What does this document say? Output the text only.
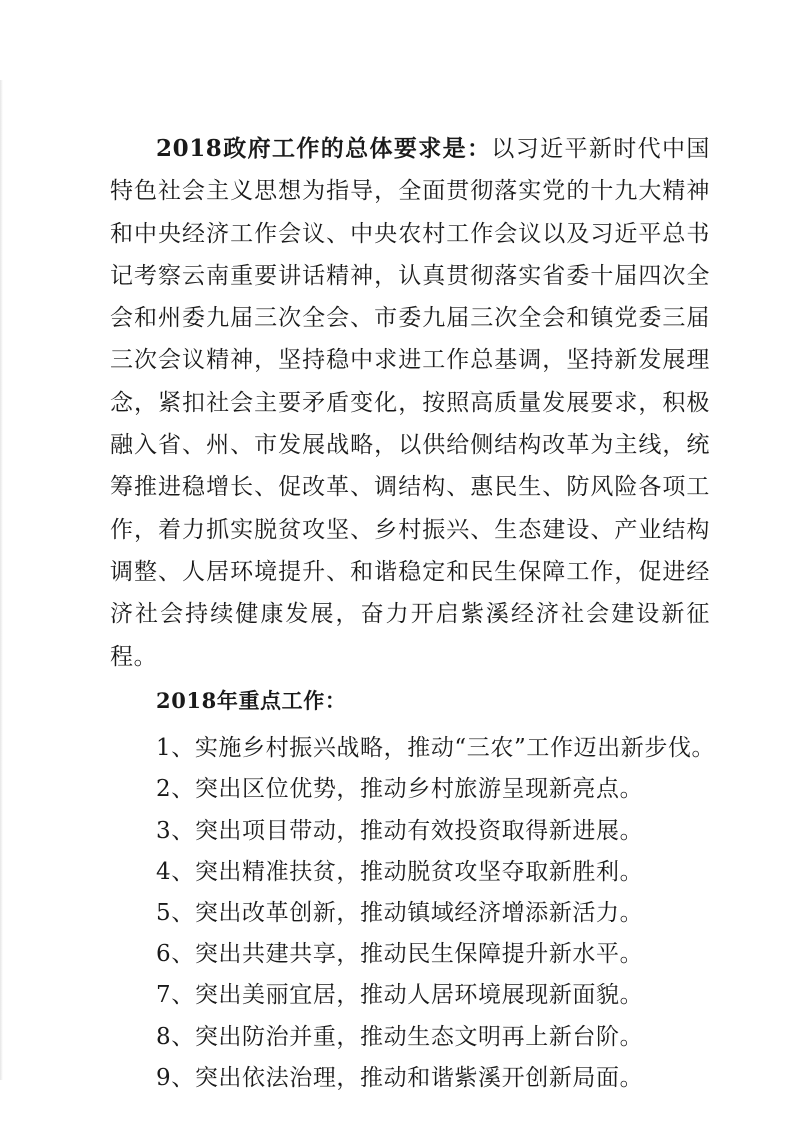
2018政府工作的总体要求是：以习近平新时代中国特色社会主义思想为指导，全面贯彻落实党的十九大精神和中央经济工作会议、中央农村工作会议以及习近平总书记考察云南重要讲话精神，认真贯彻落实省委十届四次全会和州委九届三次全会、市委九届三次全会和镇党委三届三次会议精神，坚持稳中求进工作总基调，坚持新发展理念，紧扣社会主要矛盾变化，按照高质量发展要求，积极融入省、州、市发展战略，以供给侧结构改革为主线，统筹推进稳增长、促改革、调结构、惠民生、防风险各项工作，着力抓实脱贫攻坚、乡村振兴、生态建设、产业结构调整、人居环境提升、和谐稳定和民生保障工作，促进经济社会持续健康发展，奋力开启紫溪经济社会建设新征程。

2018年重点工作：

1、实施乡村振兴战略，推动“三农”工作迈出新步伐。
2、突出区位优势，推动乡村旅游呈现新亮点。
3、突出项目带动，推动有效投资取得新进展。
4、突出精准扶贫，推动脱贫攻坚夺取新胜利。
5、突出改革创新，推动镇域经济增添新活力。
6、突出共建共享，推动民生保障提升新水平。
7、突出美丽宜居，推动人居环境展现新面貌。
8、突出防治并重，推动生态文明再上新台阶。
9、突出依法治理，推动和谐紫溪开创新局面。
